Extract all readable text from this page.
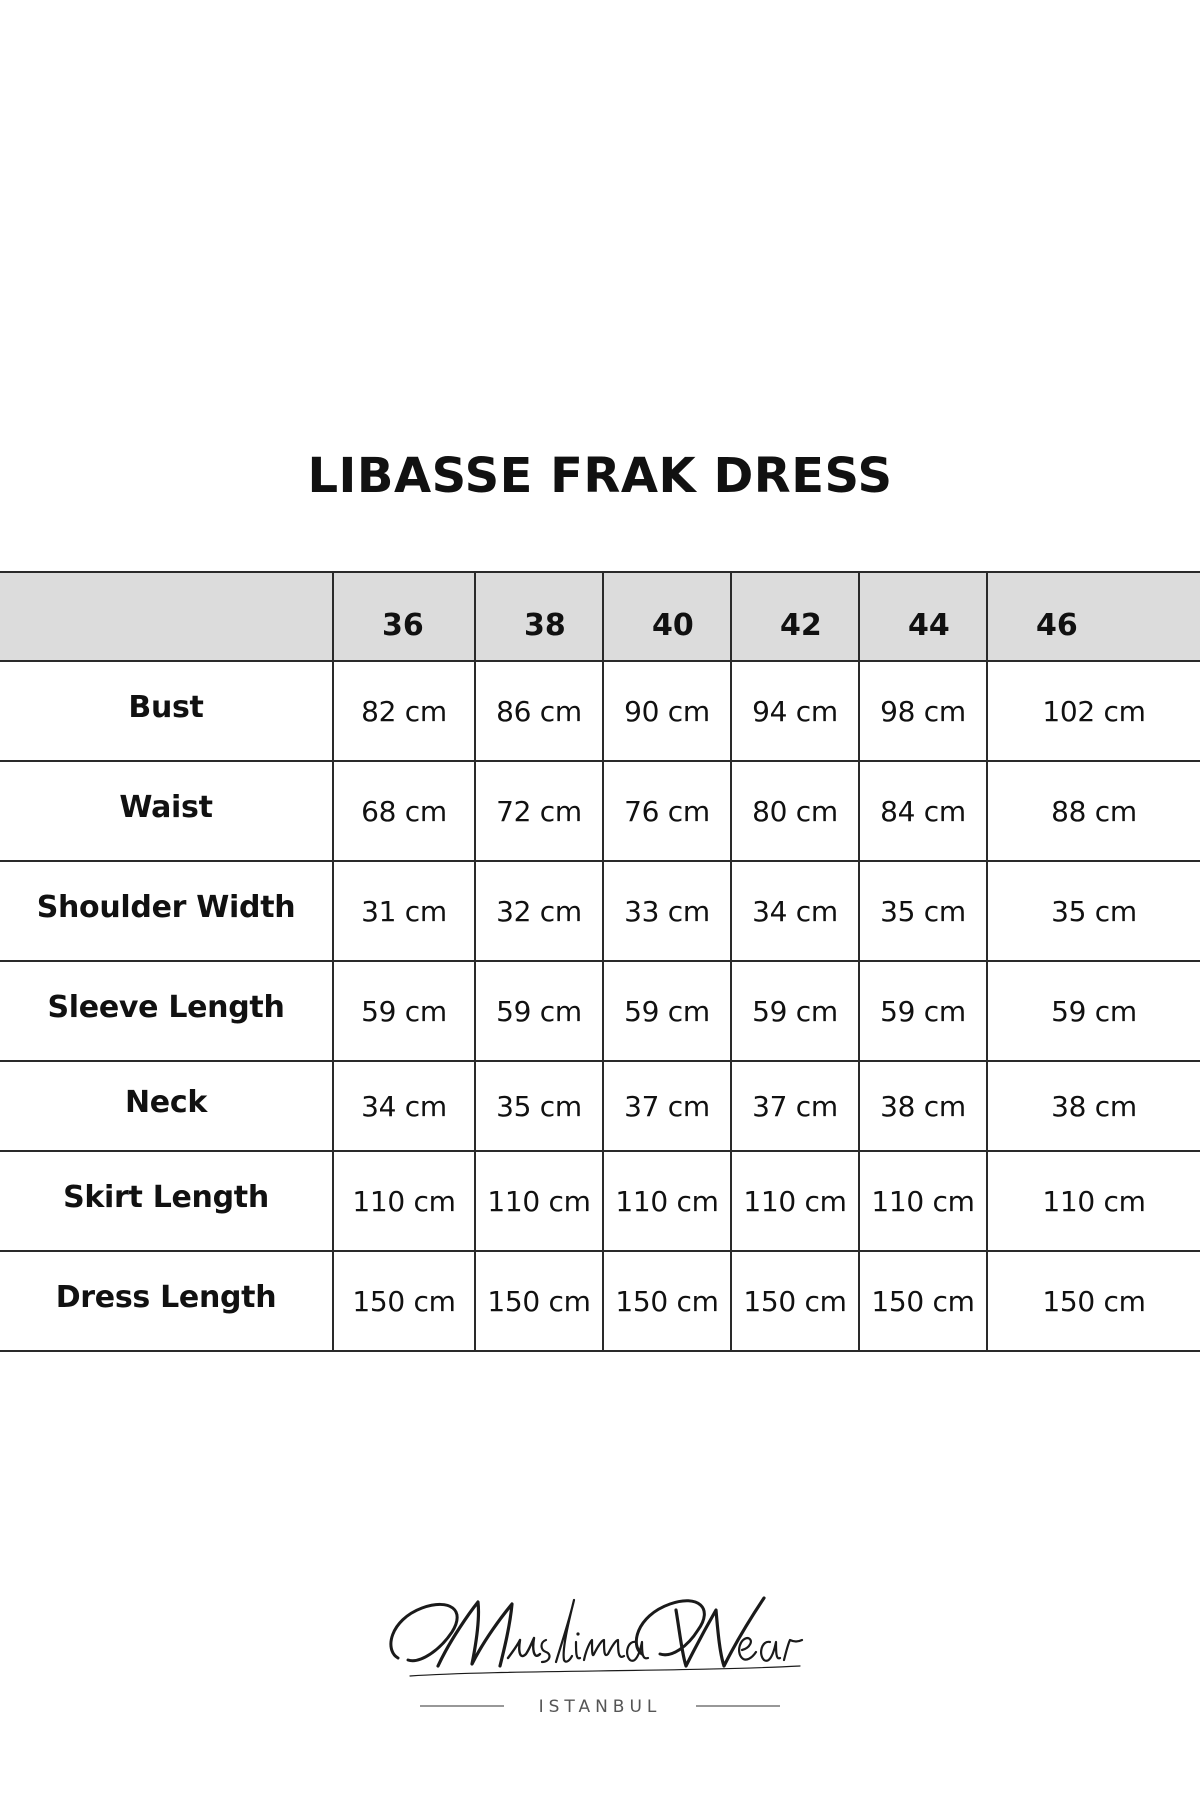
LIBASSE FRAK DRESS
	36	38	40	42	44	46
Bust	82 cm	86 cm	90 cm	94 cm	98 cm	102 cm
Waist	68 cm	72 cm	76 cm	80 cm	84 cm	88 cm
Shoulder Width	31 cm	32 cm	33 cm	34 cm	35 cm	35 cm
Sleeve Length	59 cm	59 cm	59 cm	59 cm	59 cm	59 cm
Neck	34 cm	35 cm	37 cm	37 cm	38 cm	38 cm
Skirt Length	110 cm	110 cm	110 cm	110 cm	110 cm	110 cm
Dress Length	150 cm	150 cm	150 cm	150 cm	150 cm	150 cm
ISTANBUL
